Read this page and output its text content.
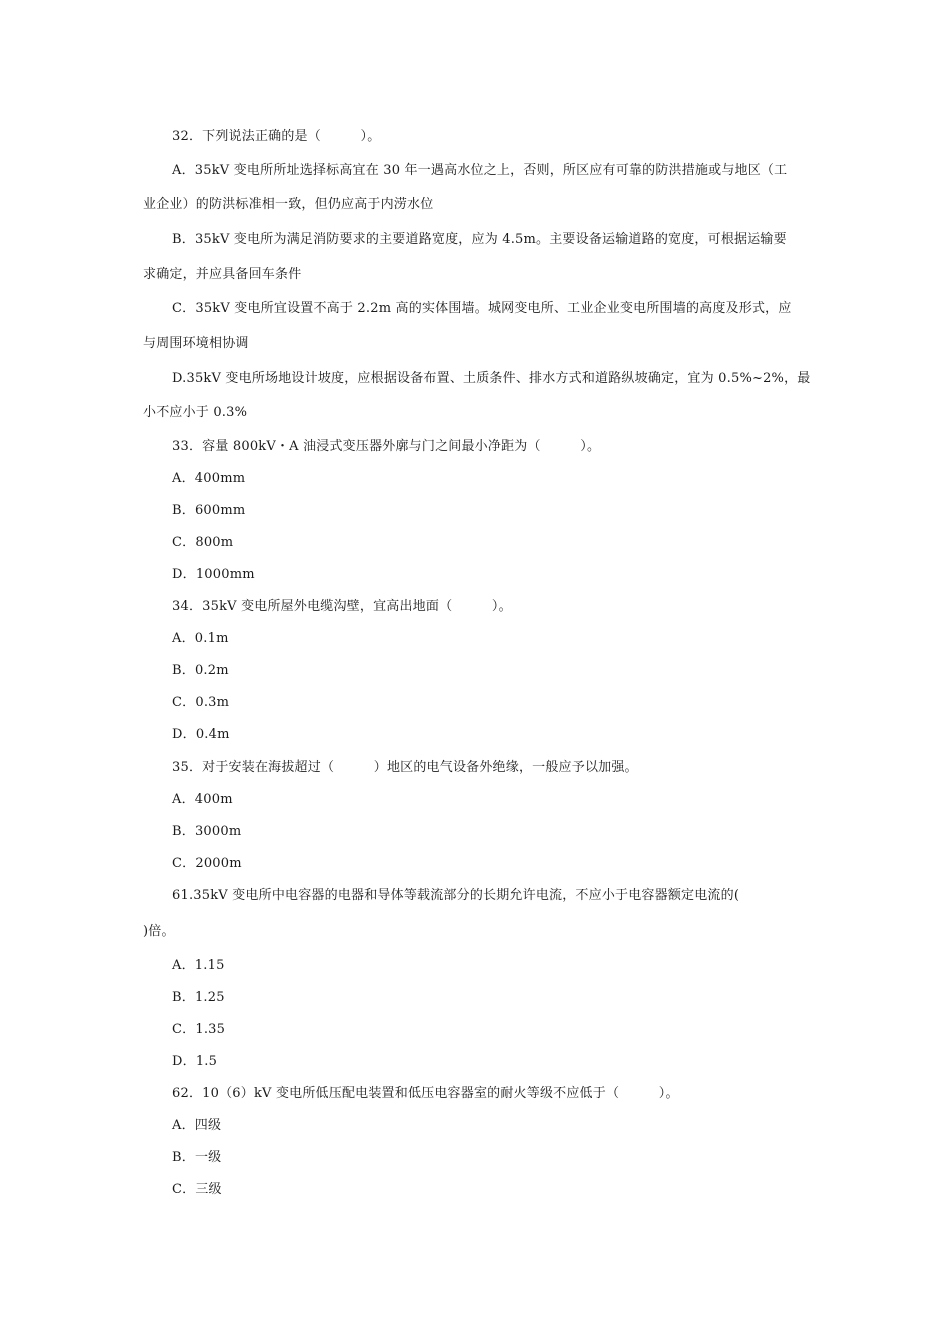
32．下列说法正确的是（　　　）。
A．35kV 变电所所址选择标高宜在 30 年一遇高水位之上，否则，所区应有可靠的防洪措施或与地区（工
业企业）的防洪标准相一致，但仍应高于内涝水位
B．35kV 变电所为满足消防要求的主要道路宽度，应为 4.5m。主要设备运输道路的宽度，可根据运输要
求确定，并应具备回车条件
C．35kV 变电所宜设置不高于 2.2m 高的实体围墙。城网变电所、工业企业变电所围墙的高度及形式，应
与周围环境相协调
D.35kV 变电所场地设计坡度，应根据设备布置、土质条件、排水方式和道路纵坡确定，宜为 0.5%~2%，最
小不应小于 0.3%
33．容量 800kV・A 油浸式变压器外廓与门之间最小净距为（　　　）。
A．400mm
B．600mm
C．800m
D．1000mm
34．35kV 变电所屋外电缆沟壁，宜高出地面（　　　）。
A．0.1m
B．0.2m
C．0.3m
D．0.4m
35．对于安装在海拔超过（　　　）地区的电气设备外绝缘，一般应予以加强。
A．400m
B．3000m
C．2000m
61.35kV 变电所中电容器的电器和导体等载流部分的长期允许电流，不应小于电容器额定电流的(
)倍。
A．1.15
B．1.25
C．1.35
D．1.5
62．10（6）kV 变电所低压配电装置和低压电容器室的耐火等级不应低于（　　　）。
A．四级
B．一级
C．三级
